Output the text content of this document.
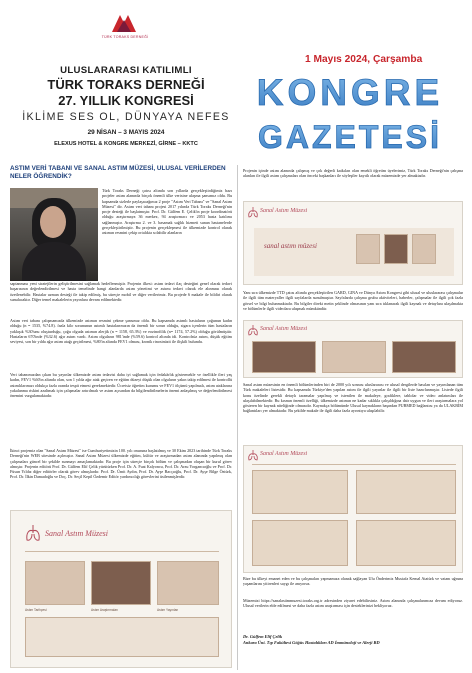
TÜRK TORAKS DERNEĞİ
ULUSLARARASI KATILIMLI
TÜRK TORAKS DERNEĞİ
27. YILLIK KONGRESİ
İKLİME SES OL, DÜNYAYA NEFES
29 NİSAN – 3 MAYIS 2024
ELEXUS HOTEL & KONGRE MERKEZİ, GİRNE – KKTC
1 Mayıs 2024, Çarşamba
KONGRE
GAZETESİ
ASTIM VERİ TABANI VE SANAL ASTIM MÜZESİ, ULUSAL VERİLERDEN NELER ÖĞRENDİK?
Türk Toraks Derneği çatısı altında son yıllarda gerçekleştirdiğimiz bazı projeler astım alanında birçok önemli ülke verisine ulaşma şansımız oldu. Bu kapsamda sizlerle paylaşacağımız 2 proje "Astım Veri Tabanı" ve "Sanal Astım Müzesi" dir. Astım veri tabanı projesi 2017 yılında Türk Toraks Derneği'nin proje desteği ile başlatmıştır. Prof. Dr. Gülfem E. Çelik'in proje koordinatörü olduğu araştırmaya 36 merkez, 94 araştırmacı ve 2053 hasta katılımı sağlanmıştır. Araştırma 2. ve 3. basamak sağlık hizmeti sunan hastanelerde gerçekleştirilmiştir. Bu projenin gerçekleşmesi ile ülkemizde kontrol olarak astımın resmini çekip ortalıkta solabilir alanların
saptanması yeni stratejilerin geliştirilmesini sağlamak hedeflenmiştir. Projenin ilkesi: astım tedavi ilaç desteğini genel olarak tedavi başarısının değerlendirilmesi ve hasta temelinde hangi alanlarda astım yönetimi ve astımı tedavi olarak ele alınması olarak özetlenebilir. Hastalar uzman desteği ile takip edilmiş, bu süreçte mobil ve diğer verilerimiz. Bu projede 6 makale ile bildiri olarak sunulacaktır. Diğer temel makalelerin yayınlara devam edilmektedir.
Astım veri tabanı çalışmamızda ülkemizde astımın resmini çekme şansımız oldu. Bu kapsamda astımlı hastaların çoğunun kadın olduğu (n = 1535, %74.8). fazla kilo sorununun astımlı hastalarımızın da önemli bir sorun olduğu, sigara içenlerin tüm hastaların yaklaşık %30'unu oluşturduğu, çoğu olguda astımın alerjik (n = 1158, 65.3%) ve eozinofilik (n= 1174, 57.2%) olduğu görülmüştür. Hastaların 670'inde (%32.6) ağır astım vardı. Astım olguların 981'inde (%59.6) kontrol altında idi. Kontrolsüz astım, düşük eğitim seviyesi, son bir yılda ağır astım atağı geçirilmesi, %80'in altında FEV1 olması, kronik rinosinüzit ile ilişkili bulundu.
Veri tabanımızdan çıkan bu yayınlar ülkemizde astım tedavisi daha iyi sağlamak için fedakârlık göstermekle ve özellikle ileri yaş kadın, FEV1 %60'ın altında olan, son 1 yılda ağır atak geçiren ve eğitim düzeyi düşük olan olguların yakın takip edilmesi ile kontrollü astımlılarımızı oldukça fazla oranda tespit etmesi gerekmektedir. Ücretsiz öğretim kurumu ve FEV1 ölçümü yapılmalı, astım ataklarına yakalanma riskini azaltmak için çalışmalar artırılmalı ve astım açısından da bilgilendirilmelerin önemi anlaşılmış ve değerlendirilmesi önemini vurgulamaktadır.
İkinci projemiz olan "Sanal Astım Müzesi" ise Cumhuriyetimizin 100. yılı onuruna başlatılmış ve 30 Ekim 2023 tarihinde Türk Toraks Derneği'nin WEB sitesinde açılmıştır. Sanal Astım Müzesi ülkemizde eğitim, kültür ve araştırmadan astım alanında yapılmış olan çalışmaları güncel bir şekilde sunmayı amaçlamaktadır. Bu proje için süreçte birçok bölüm ve çalışmadan oluşan bir kurul görev almıştır. Projenin editörü Prof. Dr. Gülfem Elif Çelik yürütürken Prof. Dr. A. Fuat Kalyoncu, Prof. Dr. Arzu Yorgancıoğlu ve Prof. Dr. Füsun Yıldız diğer editörler olarak görev almışlardır. Prof. Dr. Ümit Aydın, Prof. Dr. Ayşe Bacçıoğlu, Prof. Dr. Ayşe Bilge Öztürk, Prof. Dr. İlkin Damadoğlu ve Doç. Dr. Seçil Kepil Özdemir Editör yardımcılığı görevlerini üstlenmişlerdir.
Sanal Astım Müzesi
Astım Tarihçesi	Astım Araştırmaları	Astım Yayınları
Projenin içinde astım alanında çalışmış ve çok değerli katkıları olan emekli öğretim üyelerimiz, Türk Toraks Derneği'nin çalışma alanları ile ilgili astım çalışmaları olan önceki başkanları ile söyleşiler kayıtlı olarak müzemizde yer almaktadır.
Sanal Astım Müzesi
sanal astım müzesi
Yanı sıra ülkemizde TTD çatısı altında gerçekleştirilen GARD, GINA ve Dünya Astım Kongresi gibi ulusal ve uluslararası çalışmalar ile ilgili tüm materyaller ilgili sayfalarda sunulmuştur. Sayfalarda çalışma grubu aktiviteleri, haberler, çalışmalar ile ilgili çok fazla görsel ve bilgi bulunmaktadır. Bu bilgiler direkt metin şeklinde olmasının yanı sıra tıklanarak ilgili kaynak ve detaylara ulaşılmakta ve bölümlerle ilgili videolara ulaşmak mümkündür.
Sanal Astım Müzesi
Sanal astım müzesinin en önemli bölümlerinden biri de 2000 yılı sonrası uluslararası ve ulusal dergilerde basılan ve yayımlanan tüm Türk makaleleri listesidir. Bu kapsamda Türkiye'den yapılan astım ile ilgili yayınlar ile ilgili bir liste hazırlanmıştır. Listede ilgili konu özelinde gerekli detaylı taramalar yapılmış ve istenilen ile makaleye, grafiklere, tablolar ve video anlatımları ile ulaşılabilmektedir. Bu kısmın önemli özelliği, ülkemizde astımın ne kadar sıklıkla çalışıldığına dair uygun ve ileri araştırmalara yol gösteren bir kaynak niteliğinde olmasıdır. Kaynakça bölümünde Ulusal kaynakların başından PUBMED bağlantısı ya da ULAKBİM bağlantıları yer almaktadır. Bu şekilde makale ile ilgili daha fazla ayrıntıya ulaşılabilir.
Sanal Astım Müzesi
Bize bu ülkeyi emanet eden ve bu çalışmaları yapmamıza olanak sağlayan Ulu Önderimiz Mustafa Kemal Atatürk ve vatanı uğruna yaşamlarını yitirenleri saygı ile anıyoruz.
Müzemizi https://sanalastimmuzesi.toraks.org.tr adresinden ziyaret edebilirsiniz. Astım alanında çalışmalarımıza devam ediyoruz. Ulusal verilerin elde edilmesi ve daha fazla astım araştırması için desteklerinizi bekliyoruz.
Dr. Gülfem Elif Çelik
Ankara Üni. Tıp Fakültesi Göğüs Hastalıkları AD İmmünoloji ve Alerji BD
